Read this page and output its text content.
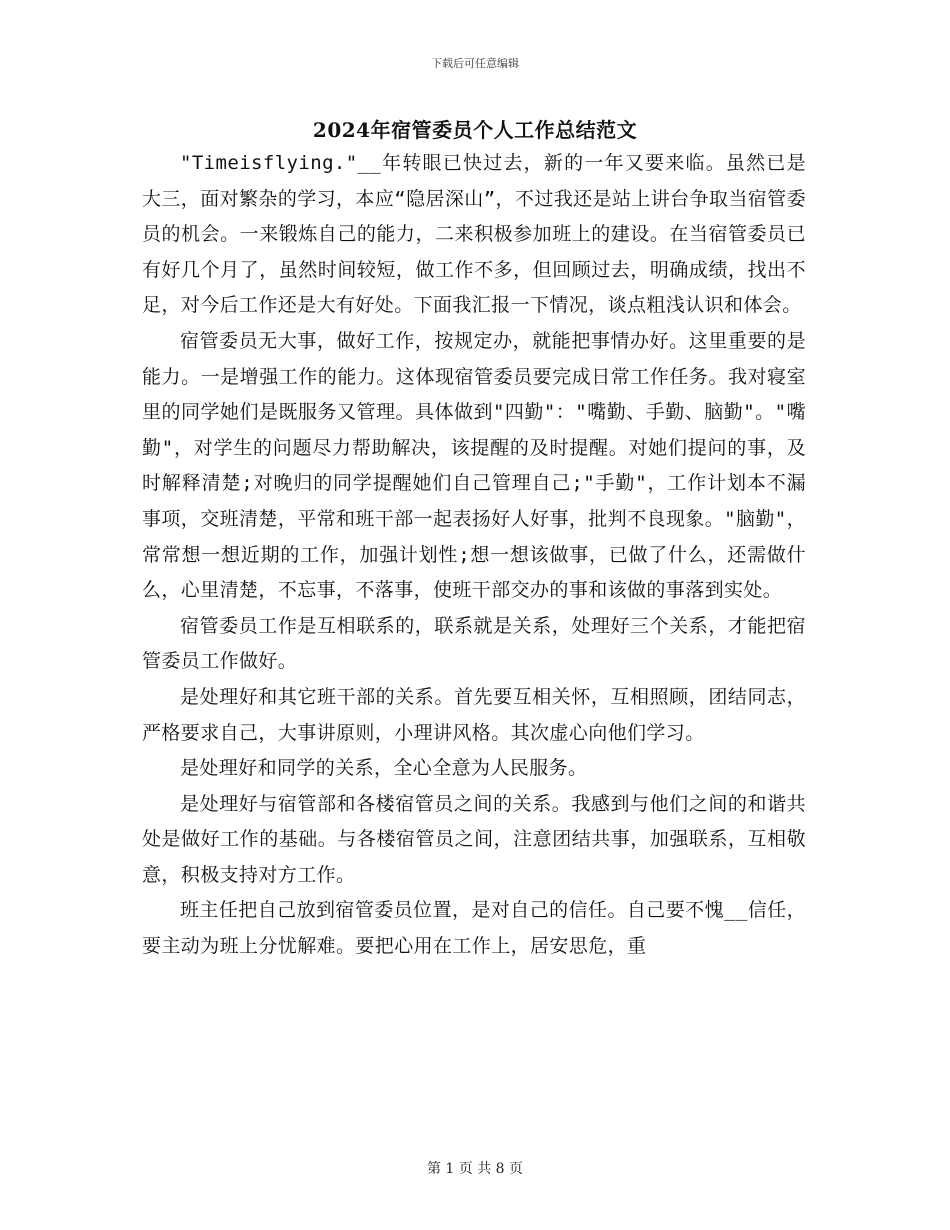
下载后可任意编辑
2024年宿管委员个人工作总结范文

"Timeisflying."__年转眼已快过去，新的一年又要来临。虽然已是大三，面对繁杂的学习，本应“隐居深山”，不过我还是站上讲台争取当宿管委员的机会。一来锻炼自己的能力，二来积极参加班上的建设。在当宿管委员已有好几个月了，虽然时间较短，做工作不多，但回顾过去，明确成绩，找出不足，对今后工作还是大有好处。下面我汇报一下情况，谈点粗浅认识和体会。

宿管委员无大事，做好工作，按规定办，就能把事情办好。这里重要的是能力。一是增强工作的能力。这体现宿管委员要完成日常工作任务。我对寝室里的同学她们是既服务又管理。具体做到"四勤"："嘴勤、手勤、脑勤"。"嘴勤"，对学生的问题尽力帮助解决，该提醒的及时提醒。对她们提问的事，及时解释清楚;对晚归的同学提醒她们自己管理自己;"手勤"，工作计划本不漏事项，交班清楚，平常和班干部一起表扬好人好事，批判不良现象。"脑勤"，常常想一想近期的工作，加强计划性;想一想该做事，已做了什么，还需做什么，心里清楚，不忘事，不落事，使班干部交办的事和该做的事落到实处。

宿管委员工作是互相联系的，联系就是关系，处理好三个关系，才能把宿管委员工作做好。

是处理好和其它班干部的关系。首先要互相关怀，互相照顾，团结同志，严格要求自己，大事讲原则，小理讲风格。其次虚心向他们学习。

是处理好和同学的关系，全心全意为人民服务。

是处理好与宿管部和各楼宿管员之间的关系。我感到与他们之间的和谐共处是做好工作的基础。与各楼宿管员之间，注意团结共事，加强联系，互相敬意，积极支持对方工作。

班主任把自己放到宿管委员位置，是对自己的信任。自己要不愧__信任，要主动为班上分忧解难。要把心用在工作上，居安思危，重

第 1 页 共 8 页
